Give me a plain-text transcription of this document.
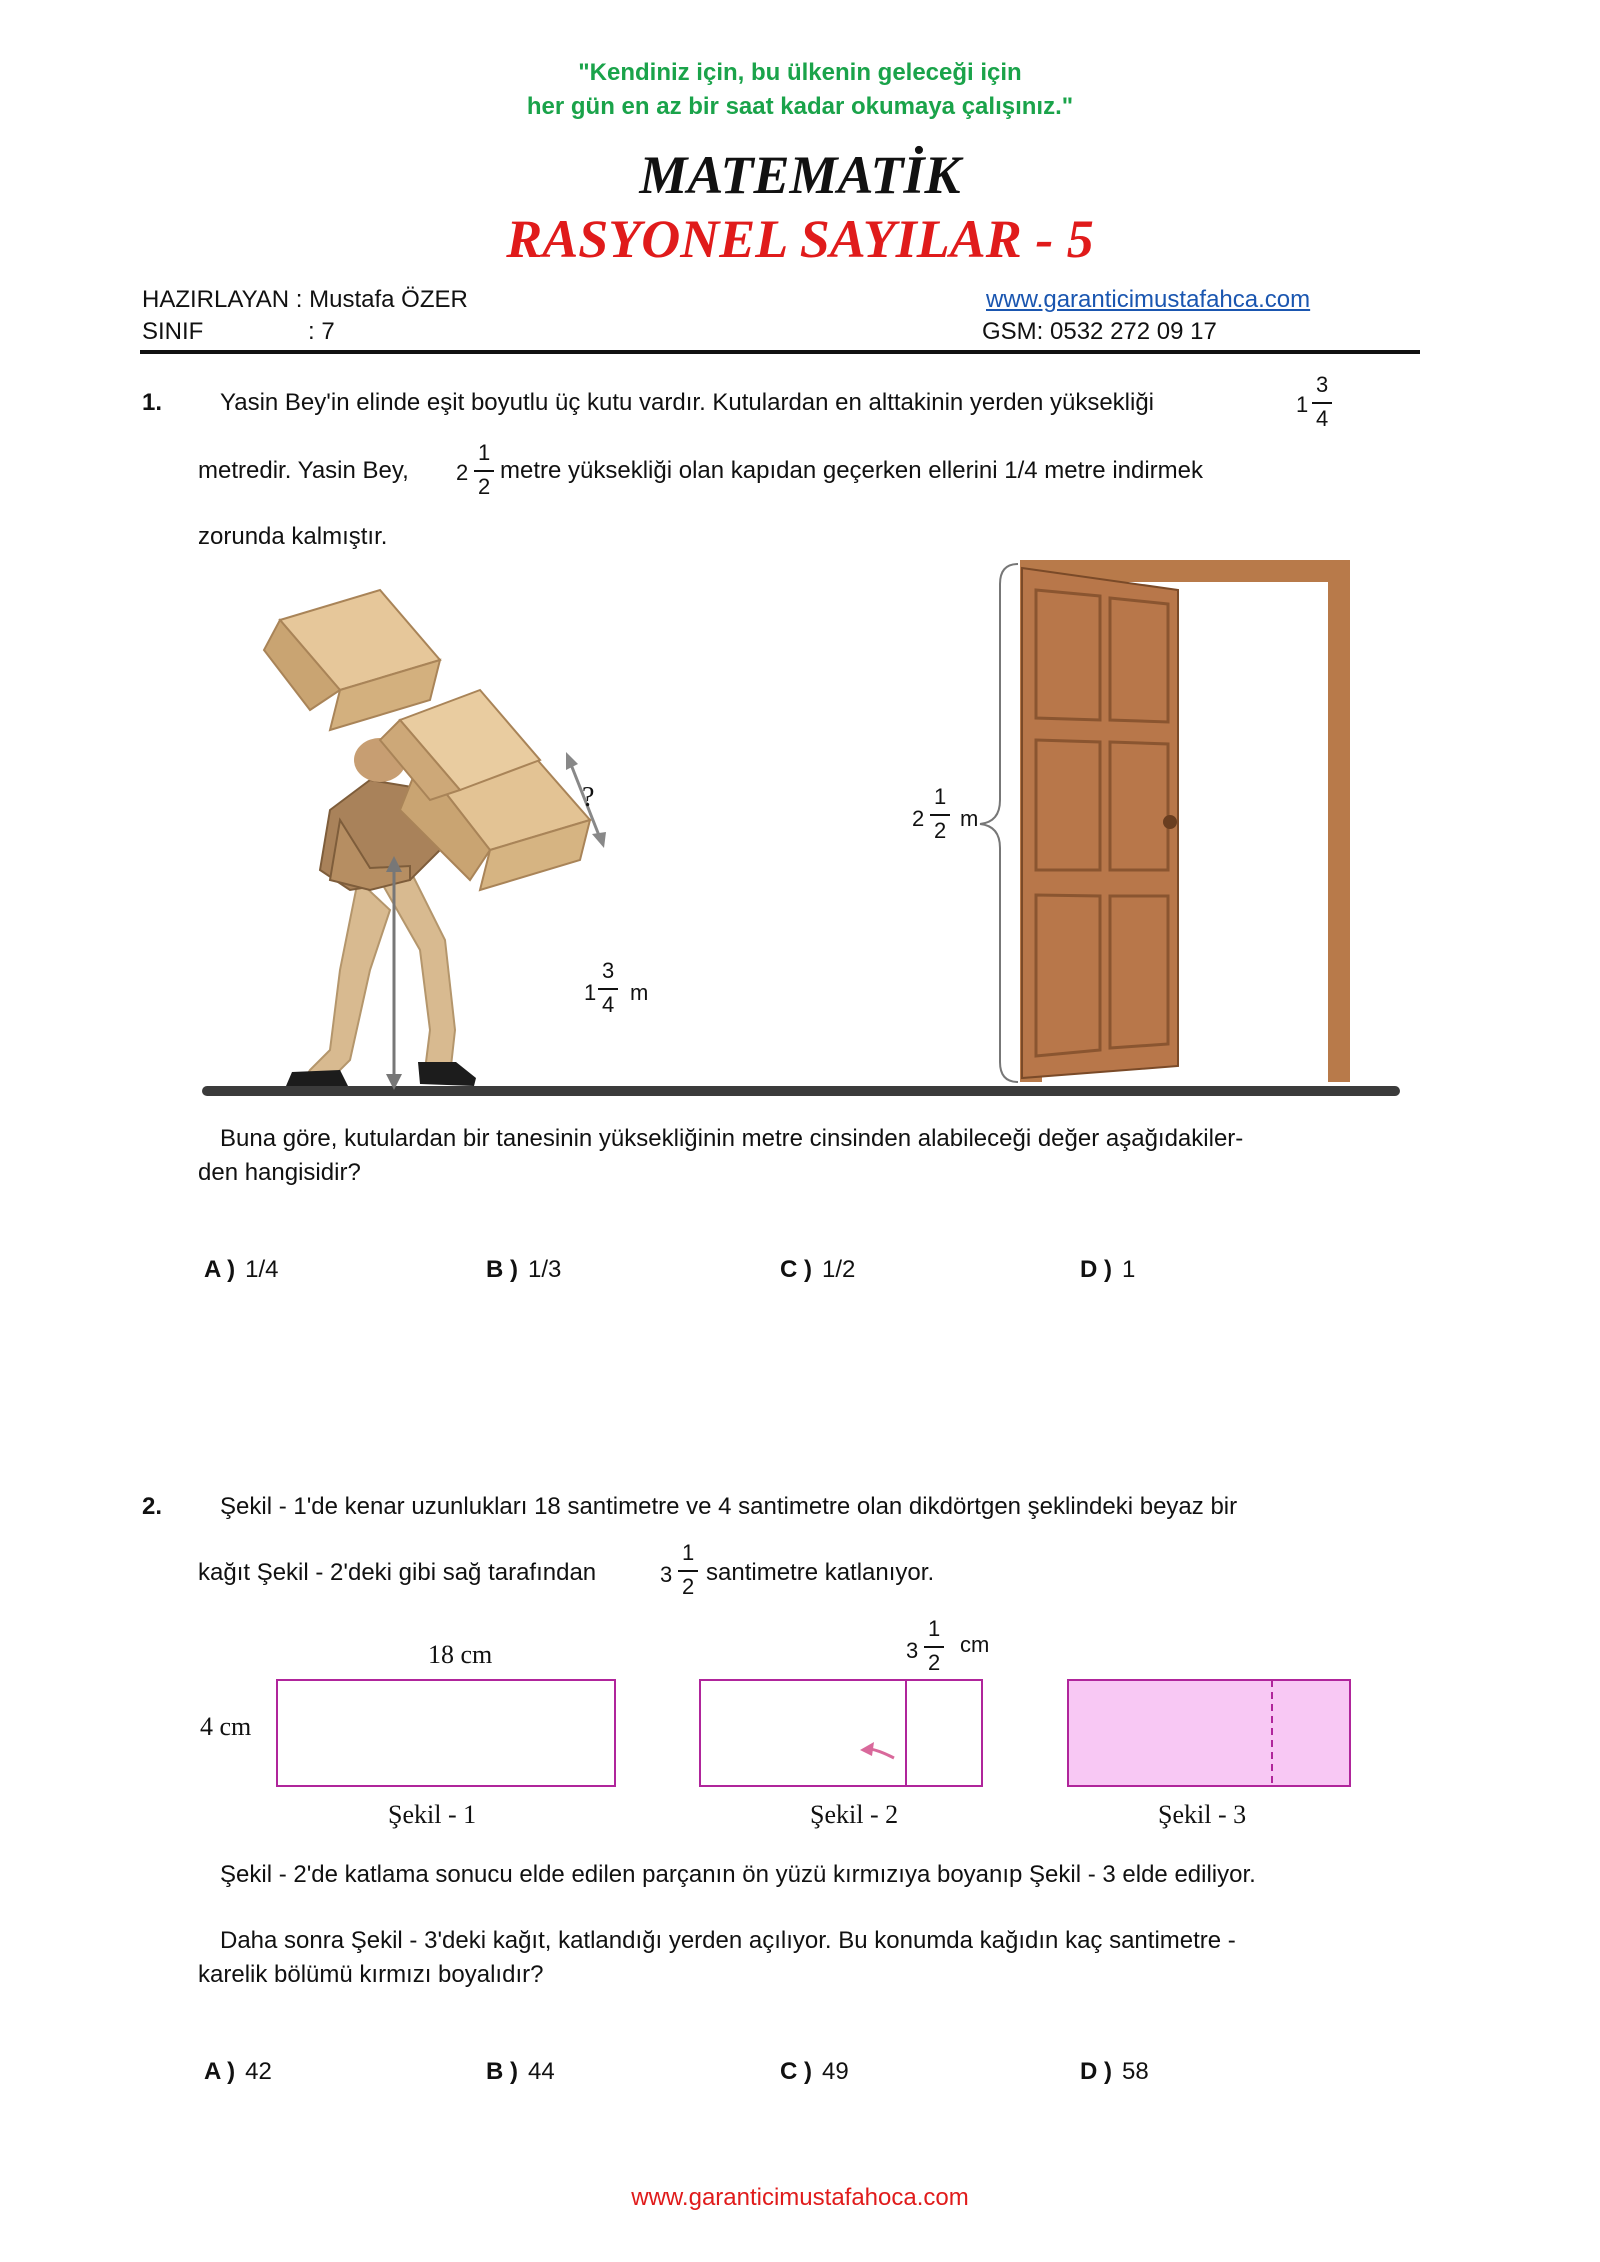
"Kendiniz için, bu ülkenin geleceği için
her gün en az bir saat kadar okumaya çalışınız."
MATEMATİK
RASYONEL SAYILAR - 5
HAZIRLAYAN : Mustafa ÖZER
SINIF	: 7
www.garanticimustafahca.com
GSM: 0532 272 09 17
1. Yasin Bey'in elinde eşit boyutlu üç kutu vardır. Kutulardan en alttakinin yerden yüksekliği	1
3
4
metredir. Yasin Bey, 2
1
2
metre yüksekliği olan kapıdan geçerken ellerini 1/4 metre indirmek
zorunda kalmıştır.
?
2
1
2 m
1
3
4 m
Buna göre, kutulardan bir tanesinin yüksekliğinin metre cinsinden alabileceği değer aşağıdakiler-
den hangisidir?
A ) 1/4	B ) 1/3	C ) 1/2	D ) 1
2. Şekil - 1'de kenar uzunlukları 18 santimetre ve 4 santimetre olan dikdörtgen şeklindeki beyaz bir
kağıt Şekil - 2'deki gibi sağ tarafından	3
1
2
santimetre katlanıyor.
18 cm
4 cm
3
1
2
cm
Şekil - 1	Şekil - 2	Şekil - 3
Şekil - 2'de katlama sonucu elde edilen parçanın ön yüzü kırmızıya boyanıp Şekil - 3 elde ediliyor.
Daha sonra Şekil - 3'deki kağıt, katlandığı yerden açılıyor. Bu konumda kağıdın kaç santimetre -
karelik bölümü kırmızı boyalıdır?
A ) 42	B ) 44	C ) 49	D ) 58
www.garanticimustafahoca.com
